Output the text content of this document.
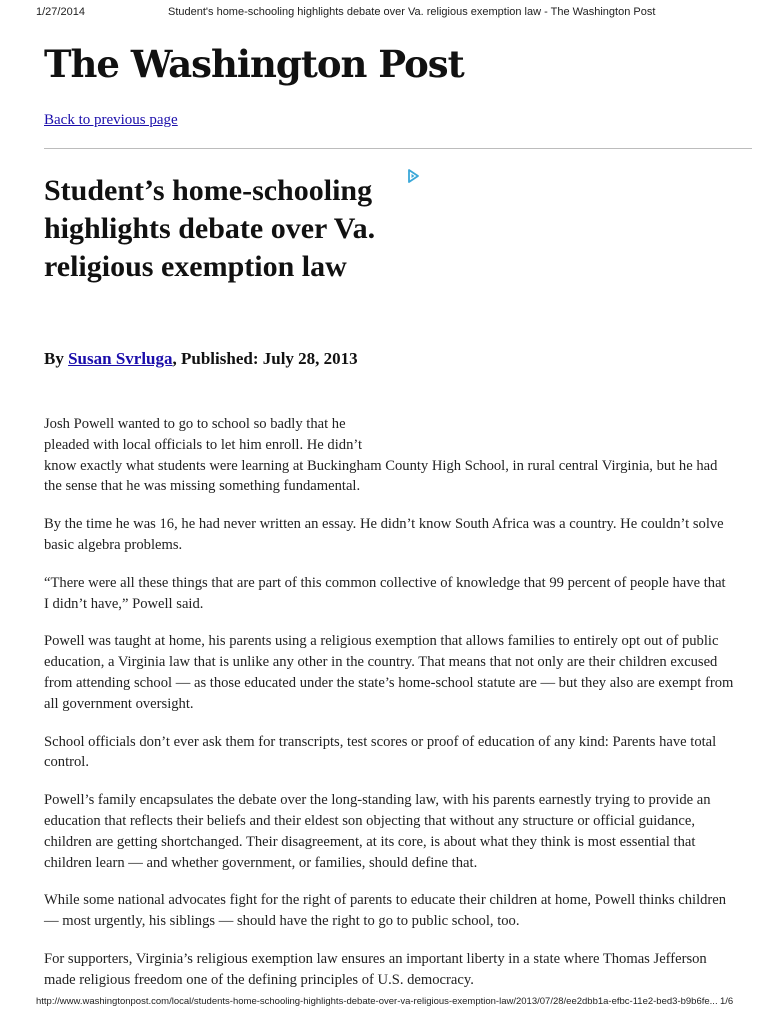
1/27/2014	Student's home-schooling highlights debate over Va. religious exemption law - The Washington Post
The Washington Post
Back to previous page
Student’s home-schooling highlights debate over Va. religious exemption law
By Susan Svrluga, Published: July 28, 2013

Josh Powell wanted to go to school so badly that he pleaded with local officials to let him enroll. He didn’t
know exactly what students were learning at Buckingham County High School, in rural central Virginia, but he had the sense that he was missing something fundamental.

By the time he was 16, he had never written an essay. He didn’t know South Africa was a country. He couldn’t solve basic algebra problems.

“There were all these things that are part of this common collective of knowledge that 99 percent of people have that I didn’t have,” Powell said.

Powell was taught at home, his parents using a religious exemption that allows families to entirely opt out of public education, a Virginia law that is unlike any other in the country. That means that not only are their children excused from attending school — as those educated under the state’s home-school statute are — but they also are exempt from all government oversight.

School officials don’t ever ask them for transcripts, test scores or proof of education of any kind: Parents have total control.

Powell’s family encapsulates the debate over the long-standing law, with his parents earnestly trying to provide an education that reflects their beliefs and their eldest son objecting that without any structure or official guidance, children are getting shortchanged. Their disagreement, at its core, is about what they think is most essential that children learn — and whether government, or families, should define that.

While some national advocates fight for the right of parents to educate their children at home, Powell thinks children — most urgently, his siblings — should have the right to go to public school, too.

For supporters, Virginia’s religious exemption law ensures an important liberty in a state where Thomas Jefferson made religious freedom one of the defining principles of U.S. democracy.

http://www.washingtonpost.com/local/students-home-schooling-highlights-debate-over-va-religious-exemption-law/2013/07/28/ee2dbb1a-efbc-11e2-bed3-b9b6fe... 1/6
